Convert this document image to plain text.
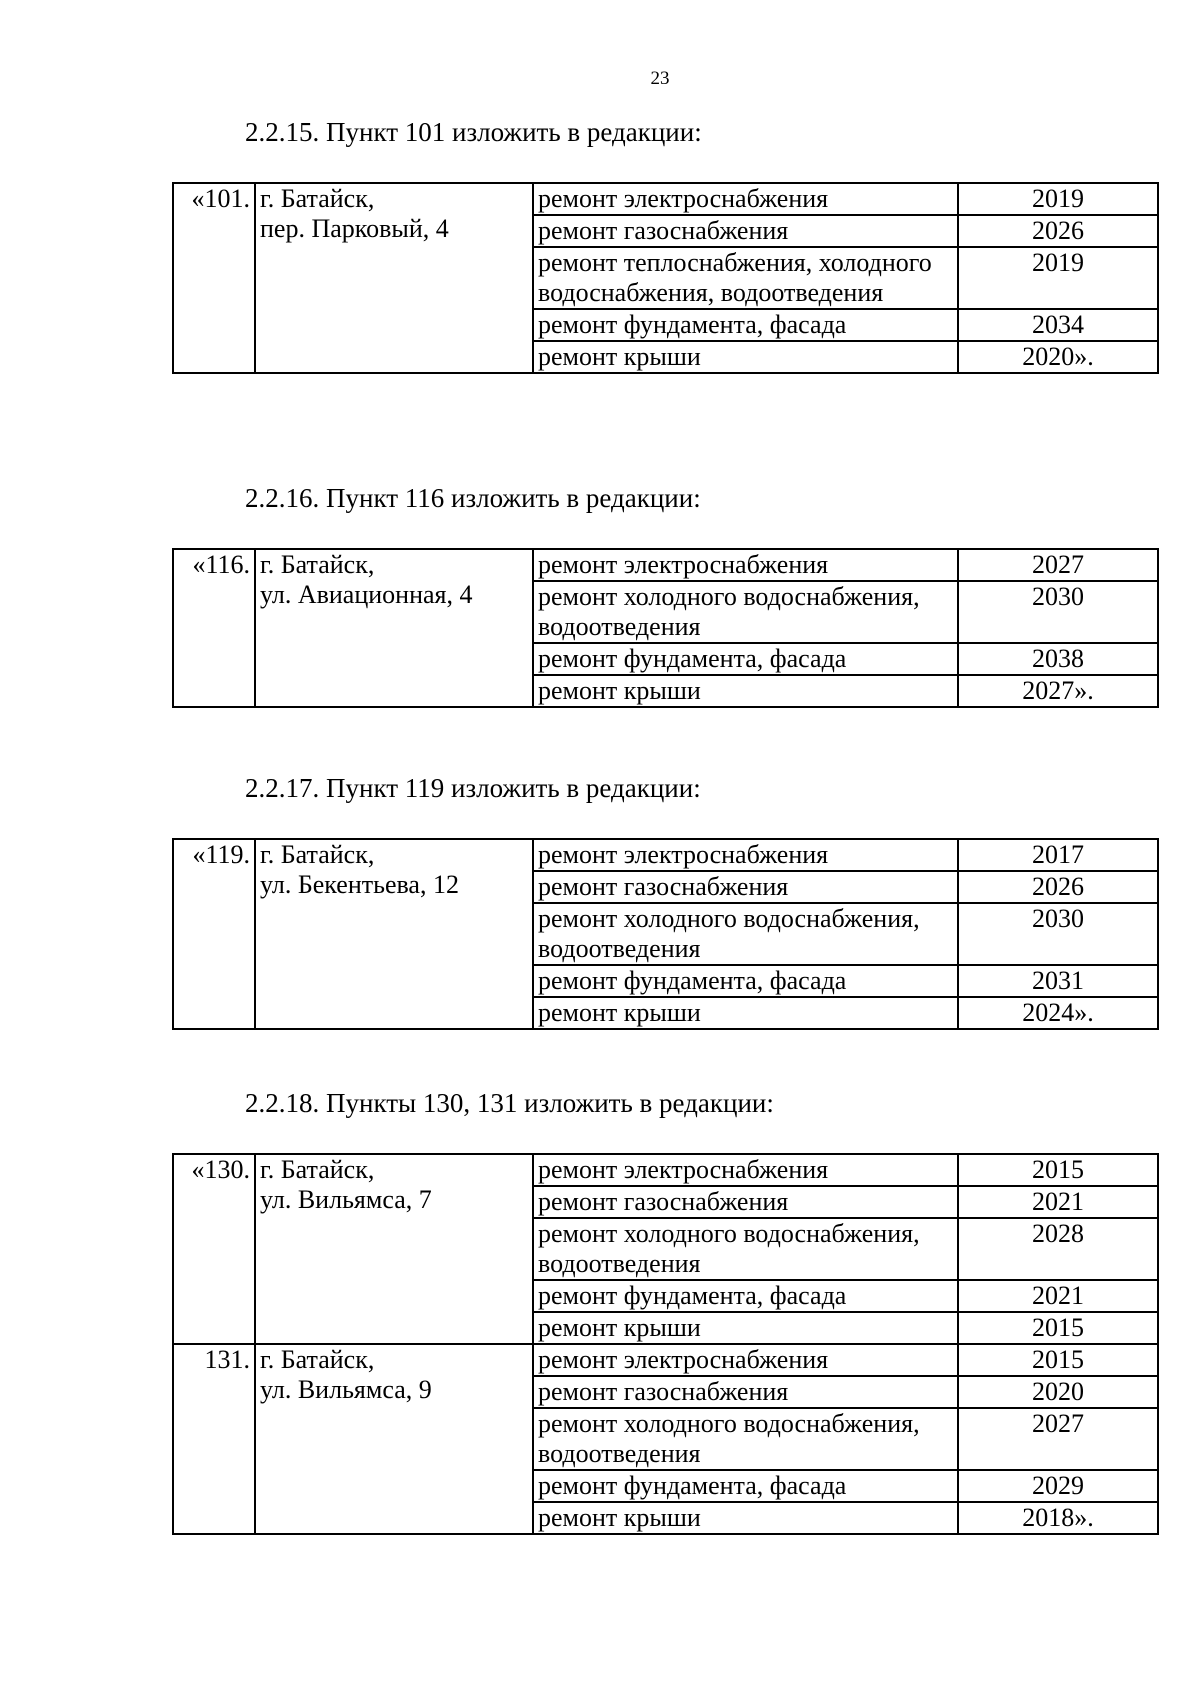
23

2.2.15. Пункт 101 изложить в редакции:

«101.	г. Батайск,
пер. Парковый, 4	ремонт электроснабжения	2019
		ремонт газоснабжения	2026
		ремонт теплоснабжения, холодного водоснабжения, водоотведения	2019
		ремонт фундамента, фасада	2034
		ремонт крыши	2020».

2.2.16. Пункт 116 изложить в редакции:

«116.	г. Батайск,
ул. Авиационная, 4	ремонт электроснабжения	2027
		ремонт холодного водоснабжения, водоотведения	2030
		ремонт фундамента, фасада	2038
		ремонт крыши	2027».

2.2.17. Пункт 119 изложить в редакции:

«119.	г. Батайск,
ул. Бекентьева, 12	ремонт электроснабжения	2017
		ремонт газоснабжения	2026
		ремонт холодного водоснабжения, водоотведения	2030
		ремонт фундамента, фасада	2031
		ремонт крыши	2024».

2.2.18. Пункты 130, 131 изложить в редакции:

«130.	г. Батайск,
ул. Вильямса, 7	ремонт электроснабжения	2015
		ремонт газоснабжения	2021
		ремонт холодного водоснабжения, водоотведения	2028
		ремонт фундамента, фасада	2021
		ремонт крыши	2015
131.	г. Батайск,
ул. Вильямса, 9	ремонт электроснабжения	2015
		ремонт газоснабжения	2020
		ремонт холодного водоснабжения, водоотведения	2027
		ремонт фундамента, фасада	2029
		ремонт крыши	2018».
